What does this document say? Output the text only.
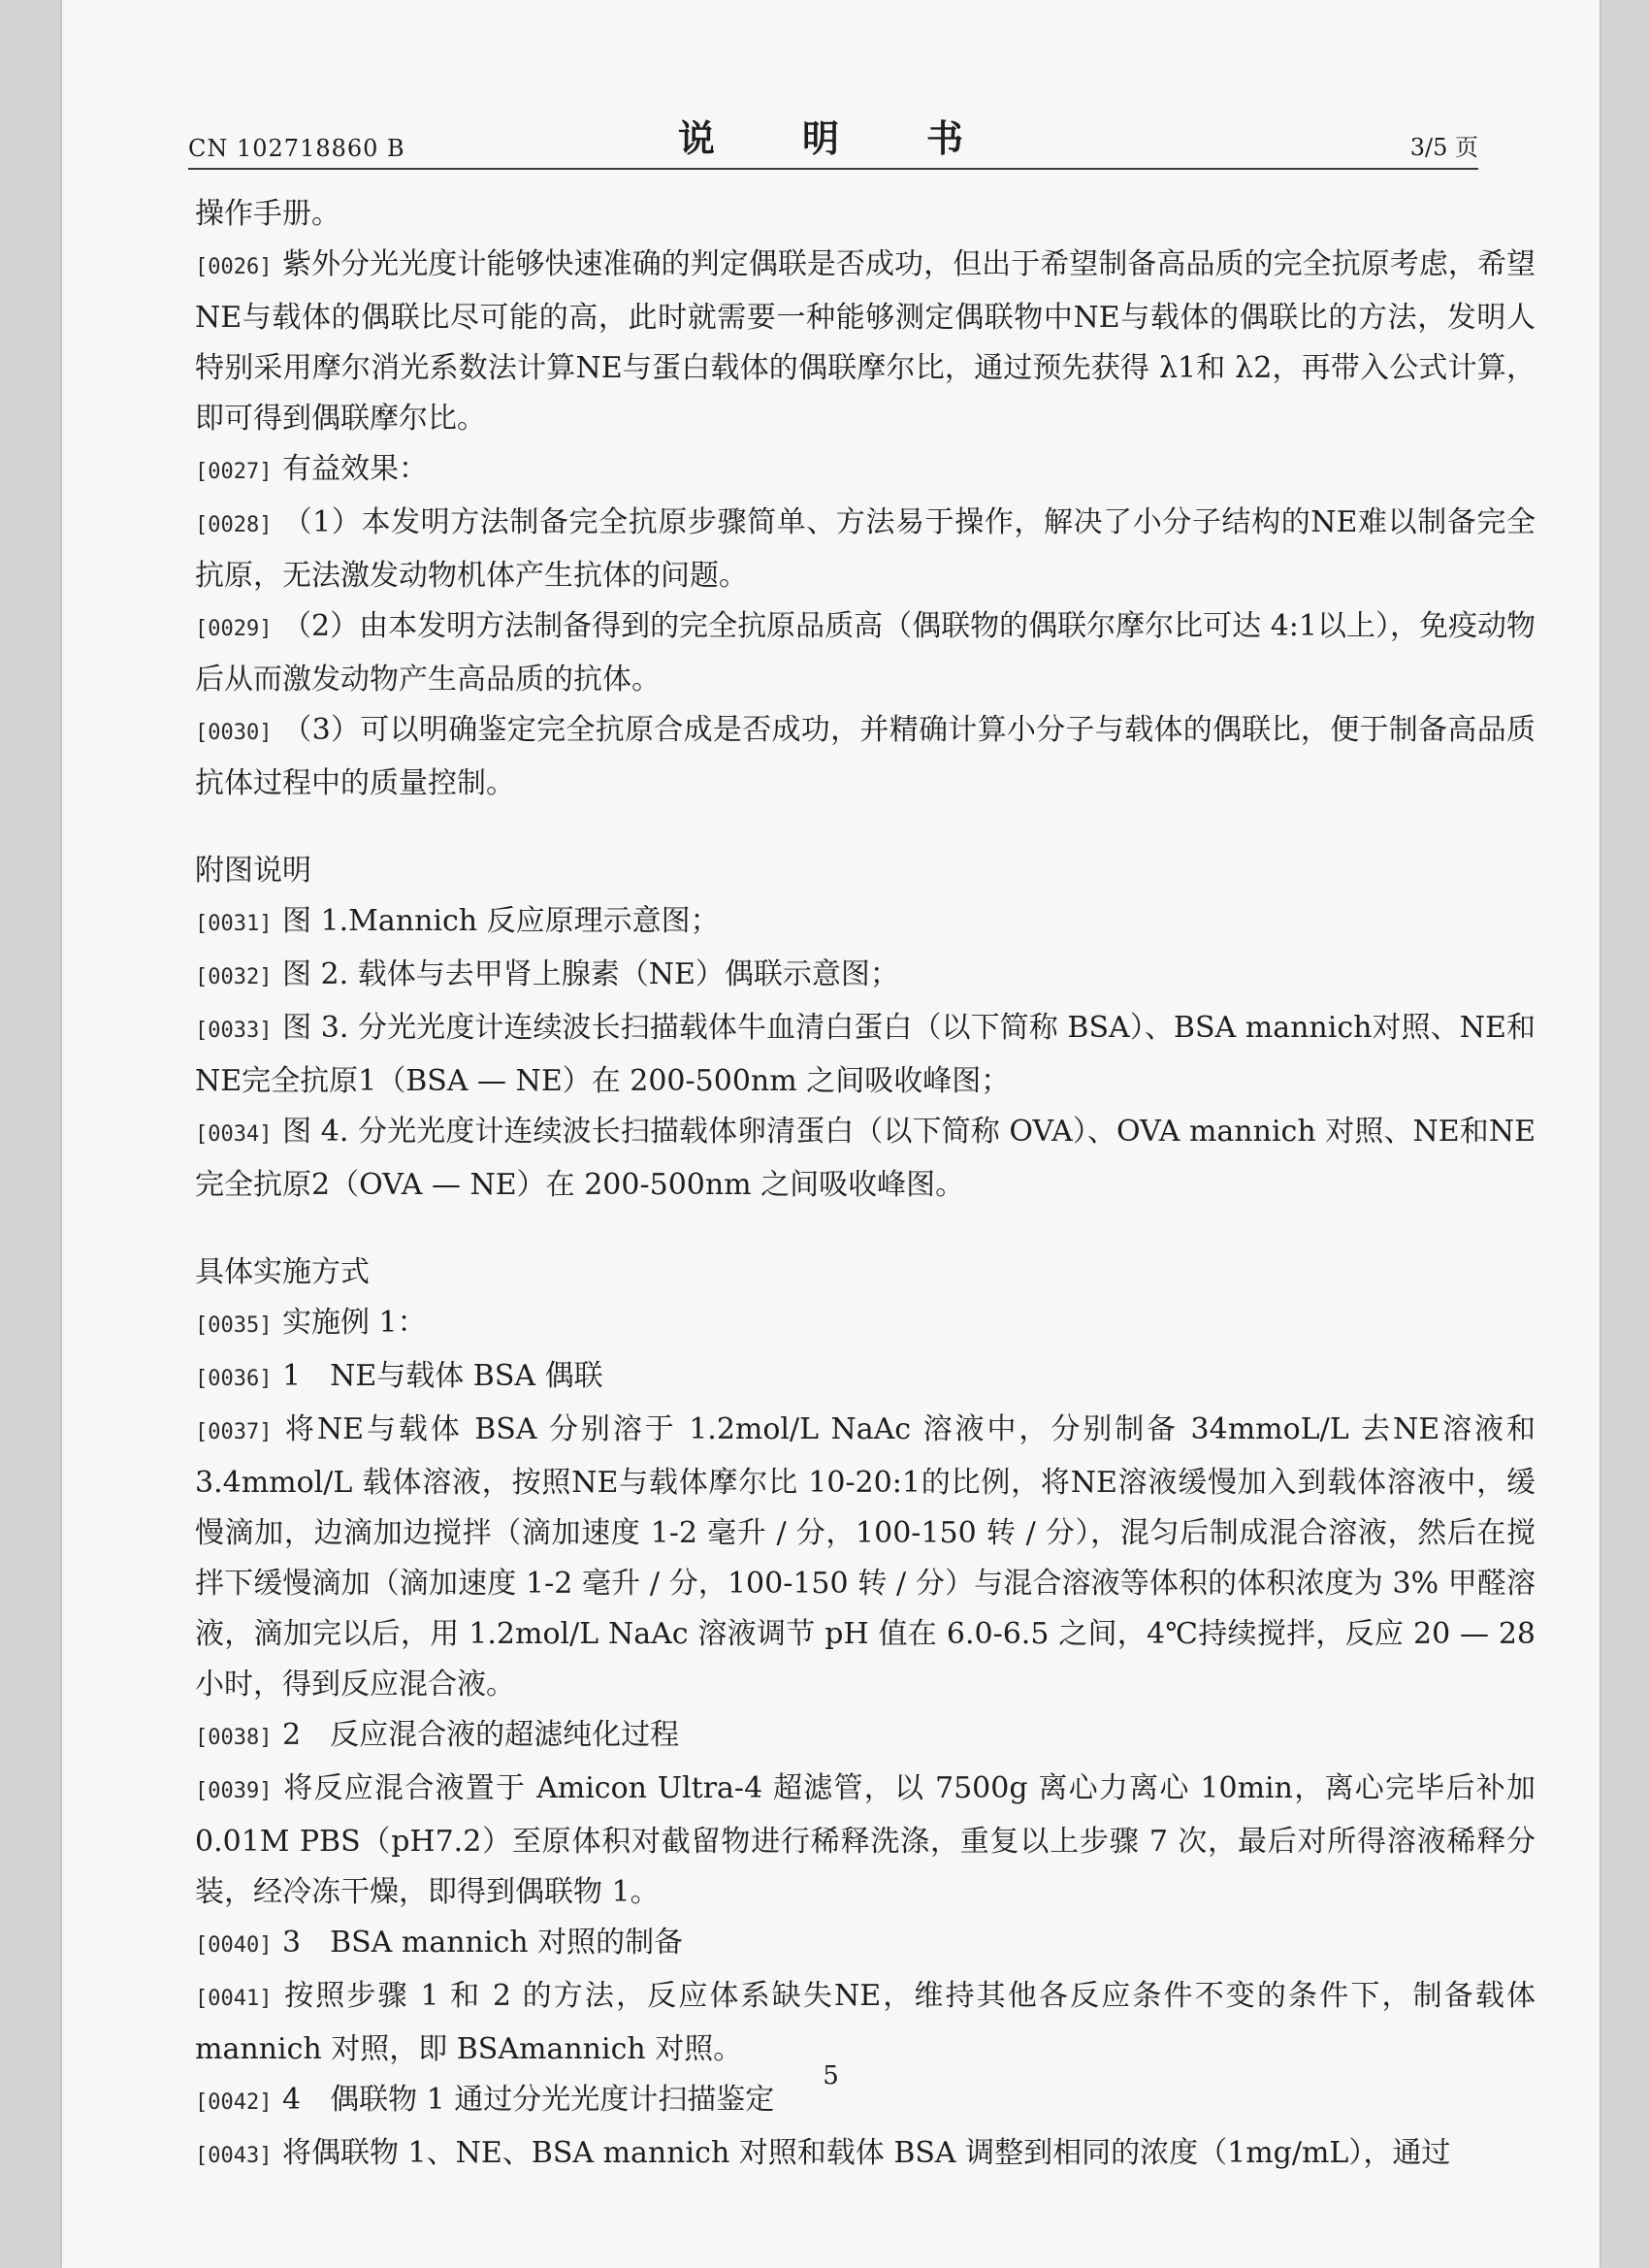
CN 102718860 B	说　明　书	3/5 页
操作手册。
[0026] 紫外分光光度计能够快速准确的判定偶联是否成功，但出于希望制备高品质的完全抗原考虑，希望NE与载体的偶联比尽可能的高，此时就需要一种能够测定偶联物中NE与载体的偶联比的方法，发明人特别采用摩尔消光系数法计算NE与蛋白载体的偶联摩尔比，通过预先获得 λ1和 λ2，再带入公式计算，即可得到偶联摩尔比。
[0027] 有益效果：
[0028] （1）本发明方法制备完全抗原步骤简单、方法易于操作，解决了小分子结构的NE难以制备完全抗原，无法激发动物机体产生抗体的问题。
[0029] （2）由本发明方法制备得到的完全抗原品质高（偶联物的偶联尔摩尔比可达 4:1以上），免疫动物后从而激发动物产生高品质的抗体。
[0030] （3）可以明确鉴定完全抗原合成是否成功，并精确计算小分子与载体的偶联比，便于制备高品质抗体过程中的质量控制。
附图说明
[0031] 图 1.Mannich 反应原理示意图；
[0032] 图 2. 载体与去甲肾上腺素（NE）偶联示意图；
[0033] 图 3. 分光光度计连续波长扫描载体牛血清白蛋白（以下简称 BSA）、BSA mannich对照、NE和NE完全抗原1（BSA — NE）在 200-500nm 之间吸收峰图；
[0034] 图 4. 分光光度计连续波长扫描载体卵清蛋白（以下简称 OVA）、OVA mannich 对照、NE和NE完全抗原2（OVA — NE）在 200-500nm 之间吸收峰图。
具体实施方式
[0035] 实施例 1：
[0036] 1　NE与载体 BSA 偶联
[0037] 将NE与载体 BSA 分别溶于 1.2mol/L NaAc 溶液中，分别制备 34mmoL/L 去NE溶液和 3.4mmol/L 载体溶液，按照NE与载体摩尔比 10-20:1的比例，将NE溶液缓慢加入到载体溶液中，缓慢滴加，边滴加边搅拌（滴加速度 1-2 毫升 / 分，100-150 转 / 分），混匀后制成混合溶液，然后在搅拌下缓慢滴加（滴加速度 1-2 毫升 / 分，100-150 转 / 分）与混合溶液等体积的体积浓度为 3% 甲醛溶液，滴加完以后，用 1.2mol/L NaAc 溶液调节 pH 值在 6.0-6.5 之间，4℃持续搅拌，反应 20 — 28 小时，得到反应混合液。
[0038] 2　反应混合液的超滤纯化过程
[0039] 将反应混合液置于 Amicon Ultra-4 超滤管，以 7500g 离心力离心 10min，离心完毕后补加 0.01M PBS（pH7.2）至原体积对截留物进行稀释洗涤，重复以上步骤 7 次，最后对所得溶液稀释分装，经冷冻干燥，即得到偶联物 1。
[0040] 3　BSA mannich 对照的制备
[0041] 按照步骤 1 和 2 的方法，反应体系缺失NE，维持其他各反应条件不变的条件下，制备载体 mannich 对照，即 BSAmannich 对照。
[0042] 4　偶联物 1 通过分光光度计扫描鉴定
[0043] 将偶联物 1、NE、BSA mannich 对照和载体 BSA 调整到相同的浓度（1mg/mL），通过
5
